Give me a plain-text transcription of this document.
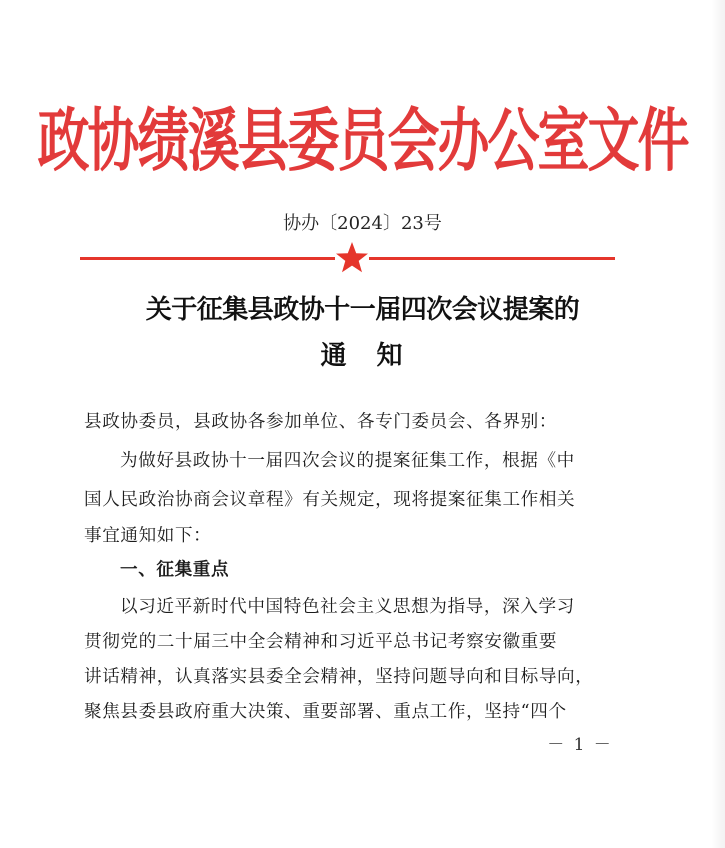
政协绩溪县委员会办公室文件
协办〔2024〕23号
关于征集县政协十一届四次会议提案的
通　知
县政协委员，县政协各参加单位、各专门委员会、各界别：
为做好县政协十一届四次会议的提案征集工作，根据《中
国人民政治协商会议章程》有关规定，现将提案征集工作相关
事宜通知如下：
一、征集重点
以习近平新时代中国特色社会主义思想为指导，深入学习
贯彻党的二十届三中全会精神和习近平总书记考察安徽重要
讲话精神，认真落实县委全会精神，坚持问题导向和目标导向，
聚焦县委县政府重大决策、重要部署、重点工作，坚持“四个
－ 1 －
